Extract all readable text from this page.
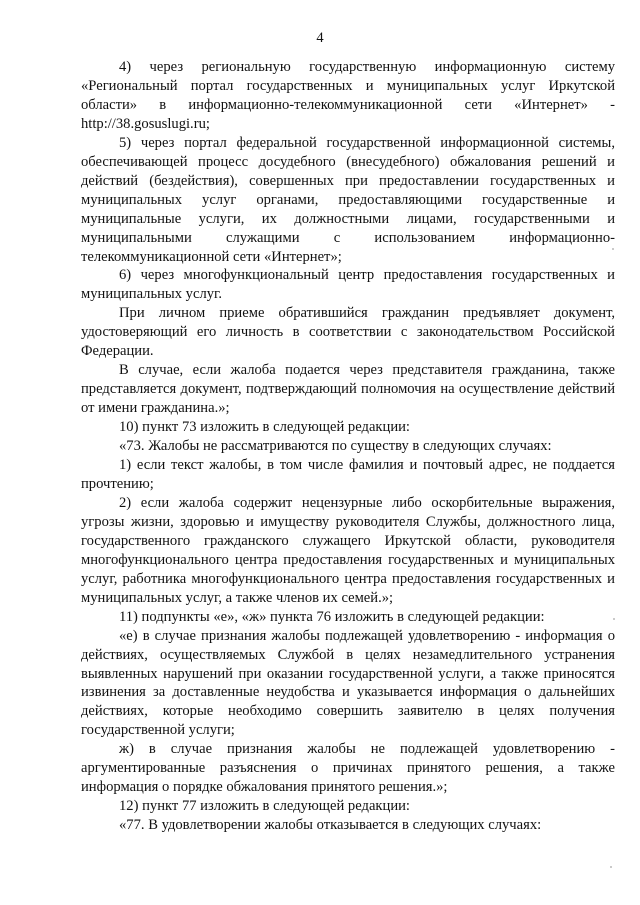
4

4) через региональную государственную информационную систему «Региональный портал государственных и муниципальных услуг Иркутской области» в информационно-телекоммуникационной сети «Интернет» - http://38.gosuslugi.ru;

5) через портал федеральной государственной информационной системы, обеспечивающей процесс досудебного (внесудебного) обжалования решений и действий (бездействия), совершенных при предоставлении государственных и муниципальных услуг органами, предоставляющими государственные и муниципальные услуги, их должностными лицами, государственными и муниципальными служащими с использованием информационно-телекоммуникационной сети «Интернет»;

6) через многофункциональный центр предоставления государственных и муниципальных услуг.

При личном приеме обратившийся гражданин предъявляет документ, удостоверяющий его личность в соответствии с законодательством Российской Федерации.

В случае, если жалоба подается через представителя гражданина, также представляется документ, подтверждающий полномочия на осуществление действий от имени гражданина.»;

10) пункт 73 изложить в следующей редакции:

«73. Жалобы не рассматриваются по существу в следующих случаях:

1) если текст жалобы, в том числе фамилия и почтовый адрес, не поддается прочтению;

2) если жалоба содержит нецензурные либо оскорбительные выражения, угрозы жизни, здоровью и имуществу руководителя Службы, должностного лица, государственного гражданского служащего Иркутской области, руководителя многофункционального центра предоставления государственных и муниципальных услуг, работника многофункционального центра предоставления государственных и муниципальных услуг, а также членов их семей.»;

11) подпункты «е», «ж» пункта 76 изложить в следующей редакции:

«е) в случае признания жалобы подлежащей удовлетворению - информация о действиях, осуществляемых Службой в целях незамедлительного устранения выявленных нарушений при оказании государственной услуги, а также приносятся извинения за доставленные неудобства и указывается информация о дальнейших действиях, которые необходимо совершить заявителю в целях получения государственной услуги;

ж) в случае признания жалобы не подлежащей удовлетворению - аргументированные разъяснения о причинах принятого решения, а также информация о порядке обжалования принятого решения.»;

12) пункт 77 изложить в следующей редакции:

«77. В удовлетворении жалобы отказывается в следующих случаях:
